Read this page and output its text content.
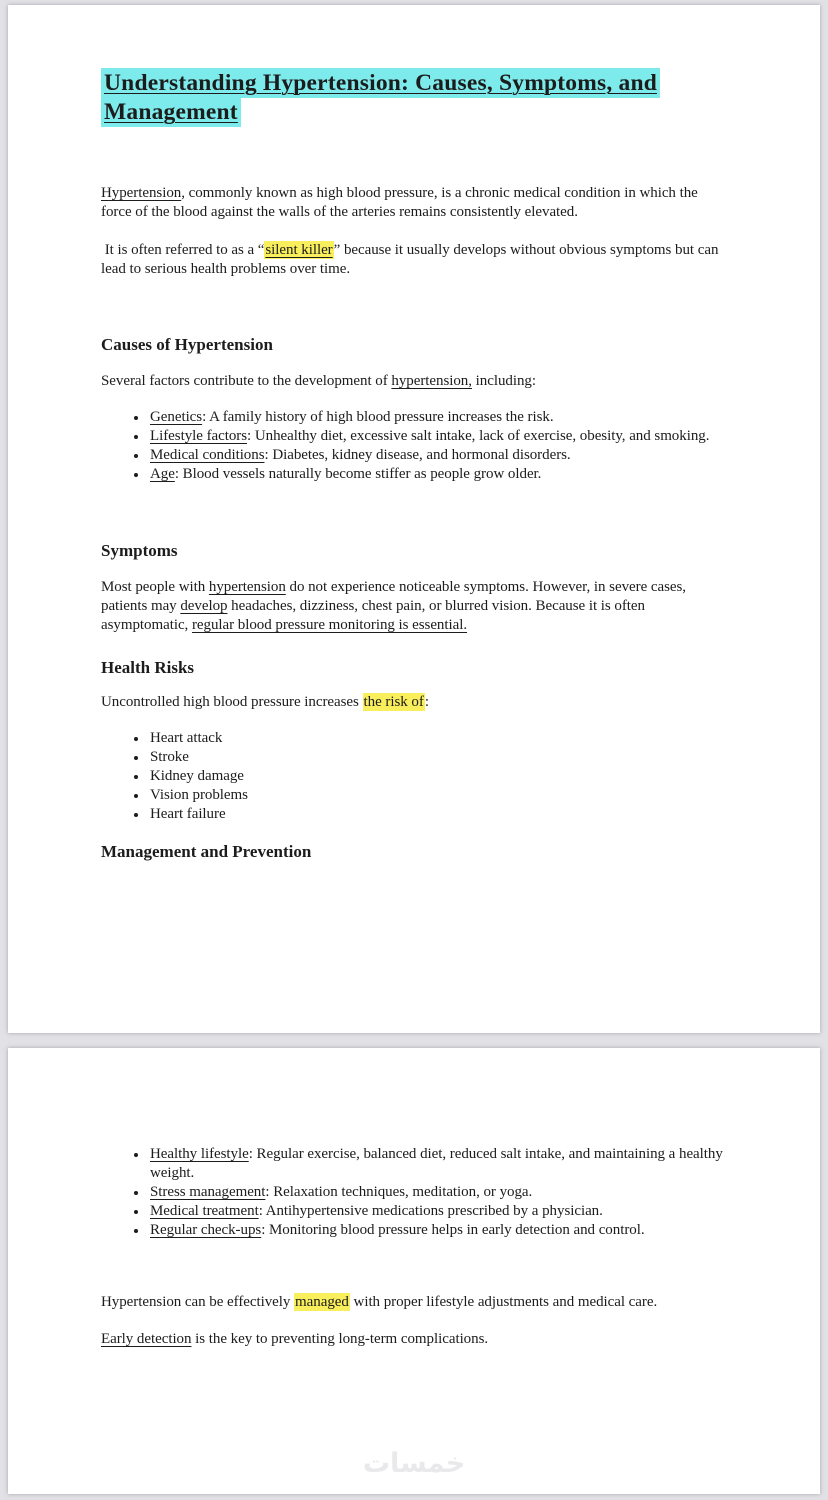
Understanding Hypertension: Causes, Symptoms, and Management
Hypertension, commonly known as high blood pressure, is a chronic medical condition in which the force of the blood against the walls of the arteries remains consistently elevated.
It is often referred to as a “silent killer” because it usually develops without obvious symptoms but can lead to serious health problems over time.
Causes of Hypertension
Several factors contribute to the development of hypertension, including:
• Genetics: A family history of high blood pressure increases the risk.
• Lifestyle factors: Unhealthy diet, excessive salt intake, lack of exercise, obesity, and smoking.
• Medical conditions: Diabetes, kidney disease, and hormonal disorders.
• Age: Blood vessels naturally become stiffer as people grow older.
Symptoms
Most people with hypertension do not experience noticeable symptoms. However, in severe cases, patients may develop headaches, dizziness, chest pain, or blurred vision. Because it is often asymptomatic, regular blood pressure monitoring is essential.
Health Risks
Uncontrolled high blood pressure increases the risk of:
• Heart attack
• Stroke
• Kidney damage
• Vision problems
• Heart failure
Management and Prevention
• Healthy lifestyle: Regular exercise, balanced diet, reduced salt intake, and maintaining a healthy weight.
• Stress management: Relaxation techniques, meditation, or yoga.
• Medical treatment: Antihypertensive medications prescribed by a physician.
• Regular check-ups: Monitoring blood pressure helps in early detection and control.
Hypertension can be effectively managed with proper lifestyle adjustments and medical care.
Early detection is the key to preventing long-term complications.
خمسات
